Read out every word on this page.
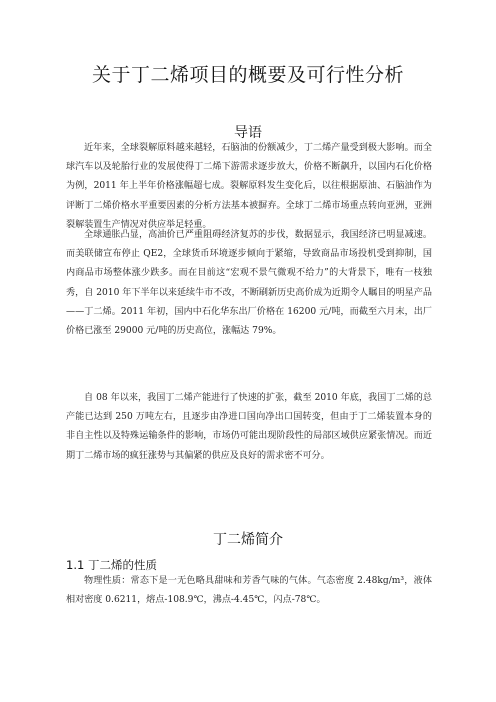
关于丁二烯项目的概要及可行性分析
导语

近年来，全球裂解原料越来越轻，石脑油的份额减少，丁二烯产量受到极大影响。而全球汽车以及轮胎行业的发展使得丁二烯下游需求逐步放大，价格不断飙升，以国内石化价格为例，2011 年上半年价格涨幅超七成。裂解原料发生变化后，以往根据原油、石脑油作为评断丁二烯价格水平重要因素的分析方法基本被摒弃。全球丁二烯市场重点转向亚洲，亚洲裂解装置生产情况对供应举足轻重。

全球通胀凸显，高油价已严重阻碍经济复苏的步伐，数据显示，我国经济已明显减速。而美联储宣布停止 QE2，全球货币环境逐步倾向于紧缩，导致商品市场投机受到抑制，国内商品市场整体涨少跌多。而在目前这“宏观不景气微观不给力”的大背景下，唯有一枝独秀，自 2010 年下半年以来延续牛市不改，不断刷新历史高价成为近期令人瞩目的明星产品——丁二烯。2011 年初，国内中石化华东出厂价格在 16200 元/吨，而截至六月末，出厂价格已涨至 29000 元/吨的历史高位，涨幅达 79%。

自 08 年以来，我国丁二烯产能进行了快速的扩张，截至 2010 年底，我国丁二烯的总产能已达到 250 万吨左右，且逐步由净进口国向净出口国转变，但由于丁二烯装置本身的非自主性以及特殊运输条件的影响，市场仍可能出现阶段性的局部区域供应紧张情况。而近期丁二烯市场的疯狂涨势与其偏紧的供应及良好的需求密不可分。

丁二烯简介
1.1 丁二烯的性质

物理性质：常态下是一无色略具甜味和芳香气味的气体。气态密度 2.48kg/m³，液体相对密度 0.6211，熔点-108.9℃，沸点-4.45℃，闪点-78℃。
